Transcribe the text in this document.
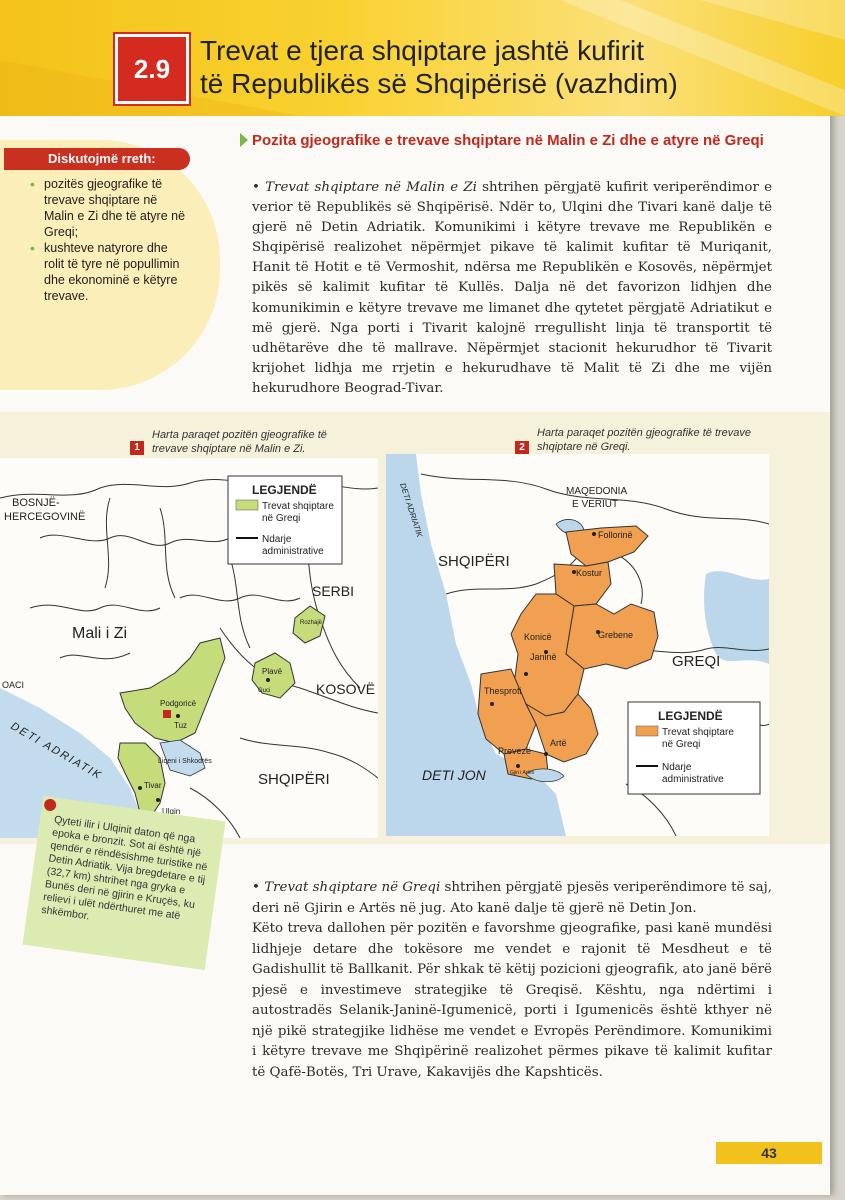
2.9
Trevat e tjera shqiptare jashtë kufirit
të Republikës së Shqipërisë (vazhdim)
• pozitës gjeografike të trevave shqiptare në Malin e Zi dhe të atyre në Greqi;
• kushteve natyrore dhe rolit të tyre në popullimin dhe ekonominë e këtyre trevave.
Diskutojmë rreth:
Pozita gjeografike e trevave shqiptare në Malin e Zi dhe e atyre në Greqi
• Trevat shqiptare në Malin e Zi shtrihen përgjatë kufirit veriperëndimor e verior të Republikës së Shqipërisë. Ndër to, Ulqini dhe Tivari kanë dalje të gjerë në Detin Adriatik. Komunikimi i këtyre trevave me Republikën e Shqipërisë realizohet nëpërmjet pikave të kalimit kufitar të Muriqanit, Hanit të Hotit e të Vermoshit, ndërsa me Republikën e Kosovës, nëpërmjet pikës së kalimit kufitar të Kullës. Dalja në det favorizon lidhjen dhe komunikimin e këtyre trevave me limanet dhe qytetet përgjatë Adriatikut e më gjerë. Nga porti i Tivarit kalojnë rregullisht linja të transportit të udhëtarëve dhe të mallrave. Nëpërmjet stacionit hekurudhor të Tivarit krijohet lidhja me rrjetin e hekurudhave të Malit të Zi dhe me vijën hekurudhore Beograd-Tivar.
1
Harta paraqet pozitën gjeografike të trevave shqiptare në Malin e Zi.	2
Harta paraqet pozitën gjeografike të trevave shqiptare në Greqi.
BOSNJË-
HERCEGOVINË
SERBI
Mali i Zi
KOSOVË
SHQIPËRI
OACI
DETI ADRIATIK
Podgoricë
Tuz
Plavë
Guci
Rozhajë
Liqeni i Shkodrës
Tivar
Ulqin
LEGJENDË
Trevat shqiptare në Greqi
Ndarje administrative
MAQEDONIA
E VERIUT
SHQIPËRI
GREQI
DETI JON
DETI ADRIATIK	Follorinë
Kostur
Konicë
Janinë
Grebene
Thesproti
Prevezë
Artë
Gjiri i Artës
LEGJENDË
Trevat shqiptare në Greqi
Ndarje administrative
Qyteti ilir i Ulqinit daton që nga epoka e bronzit. Sot ai është një qendër e rëndësishme turistike në Detin Adriatik. Vija bregdetare e tij (32,7 km) shtrihet nga gryka e Bunës deri në gjirin e Kruçës, ku relievi i ulët ndërthuret me atë shkëmbor.
• Trevat shqiptare në Greqi shtrihen përgjatë pjesës veriperëndimore të saj, deri në Gjirin e Artës në jug. Ato kanë dalje të gjerë në Detin Jon.
Këto treva dallohen për pozitën e favorshme gjeografike, pasi kanë mundësi lidhjeje detare dhe tokësore me vendet e rajonit të Mesdheut e të Gadishullit të Ballkanit. Për shkak të këtij pozicioni gjeografik, ato janë bërë pjesë e investimeve strategjike të Greqisë. Kështu, nga ndërtimi i autostradës Selanik-Janinë-Igumenicë, porti i Igumenicës është kthyer në një pikë strategjike lidhëse me vendet e Evropës Perëndimore. Komunikimi i këtyre trevave me Shqipërinë realizohet përmes pikave të kalimit kufitar të Qafë-Botës, Tri Urave, Kakavijës dhe Kapshticës.
43
